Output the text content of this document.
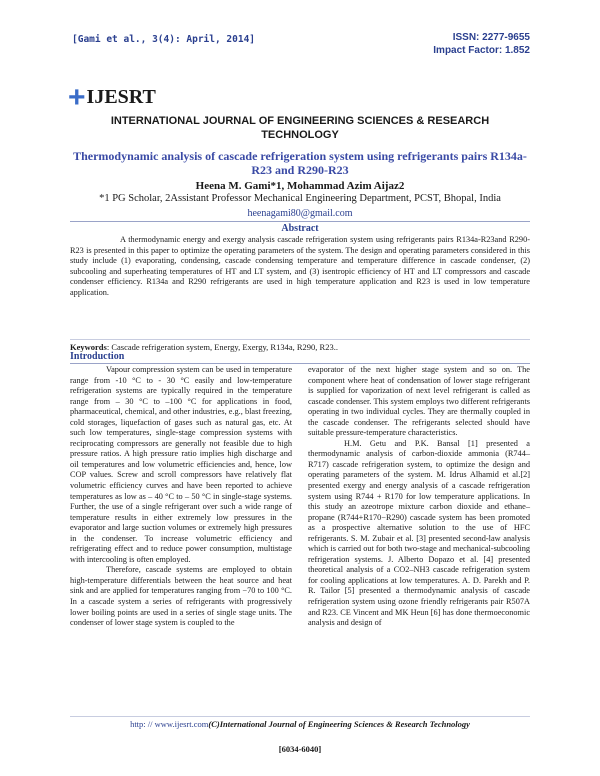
[Gami et al., 3(4): April, 2014]	ISSN: 2277-9655
Impact Factor: 1.852
+ IJESRT
INTERNATIONAL JOURNAL OF ENGINEERING SCIENCES & RESEARCH TECHNOLOGY
Thermodynamic analysis of cascade refrigeration system using refrigerants pairs R134a-R23 and R290-R23
Heena M. Gami*1, Mohammad Azim Aijaz2
*1 PG Scholar, 2Assistant Professor Mechanical Engineering Department, PCST, Bhopal, India
heenagami80@gmail.com
Abstract
A thermodynamic energy and exergy analysis cascade refrigeration system using refrigerants pairs R134a-R23and R290-R23 is presented in this paper to optimize the operating parameters of the system. The design and operating parameters considered in this study include (1) evaporating, condensing, cascade condensing temperature and temperature difference in cascade condenser, (2) subcooling and superheating temperatures of HT and LT system, and (3) isentropic efficiency of HT and LT compressors and cascade condenser efficiency. R134a and R290 refrigerants are used in high temperature application and R23 is used in low temperature application.
Keywords: Cascade refrigeration system, Energy, Exergy, R134a, R290, R23..
Introduction

Vapour compression system can be used in temperature range from -10 °C to - 30 °C easily and low-temperature refrigeration systems are typically required in the temperature range from – 30 °C to –100 °C for applications in food, pharmaceutical, chemical, and other industries, e.g., blast freezing, cold storages, liquefaction of gases such as natural gas, etc. At such low temperatures, single-stage compression systems with reciprocating compressors are generally not feasible due to high pressure ratios. A high pressure ratio implies high discharge and oil temperatures and low volumetric efficiencies and, hence, low COP values. Screw and scroll compressors have relatively flat volumetric efficiency curves and have been reported to achieve temperatures as low as – 40 °C to – 50 °C in single-stage systems. Further, the use of a single refrigerant over such a wide range of temperature results in either extremely low pressures in the evaporator and large suction volumes or extremely high pressures in the condenser. To increase volumetric efficiency and refrigerating effect and to reduce power consumption, multistage with intercooling is often employed.

Therefore, cascade systems are employed to obtain high-temperature differentials between the heat source and heat sink and are applied for temperatures ranging from −70 to 100 °C. In a cascade system a series of refrigerants with progressively lower boiling points are used in a series of single stage units. The condenser of lower stage system is coupled to the

evaporator of the next higher stage system and so on. The component where heat of condensation of lower stage refrigerant is supplied for vaporization of next level refrigerant is called as cascade condenser. This system employs two different refrigerants operating in two individual cycles. They are thermally coupled in the cascade condenser. The refrigerants selected should have suitable pressure-temperature characteristics.

H.M. Getu and P.K. Bansal [1] presented a thermodynamic analysis of carbon-dioxide ammonia (R744–R717) cascade refrigeration system, to optimize the design and operating parameters of the system. M. Idrus Alhamid et al.[2] presented exergy and energy analysis of a cascade refrigeration system using R744 + R170 for low temperature applications. In this study an azeotrope mixture carbon dioxide and ethane–propane (R744+R170−R290) cascade system has been promoted as a prospective alternative solution to the use of HFC refrigerants. S. M. Zubair et al. [3] presented second-law analysis which is carried out for both two-stage and mechanical-subcooling refrigeration systems. J. Alberto Dopazo et al. [4] presented theoretical analysis of a CO2–NH3 cascade refrigeration system for cooling applications at low temperatures. A. D. Parekh and P. R. Tailor [5] presented a thermodynamic analysis of cascade refrigeration system using ozone friendly refrigerants pair R507A and R23. CE Vincent and MK Heun [6] has done thermoeconomic analysis and design of

http: // www.ijesrt.com(C)International Journal of Engineering Sciences & Research Technology
[6034-6040]
